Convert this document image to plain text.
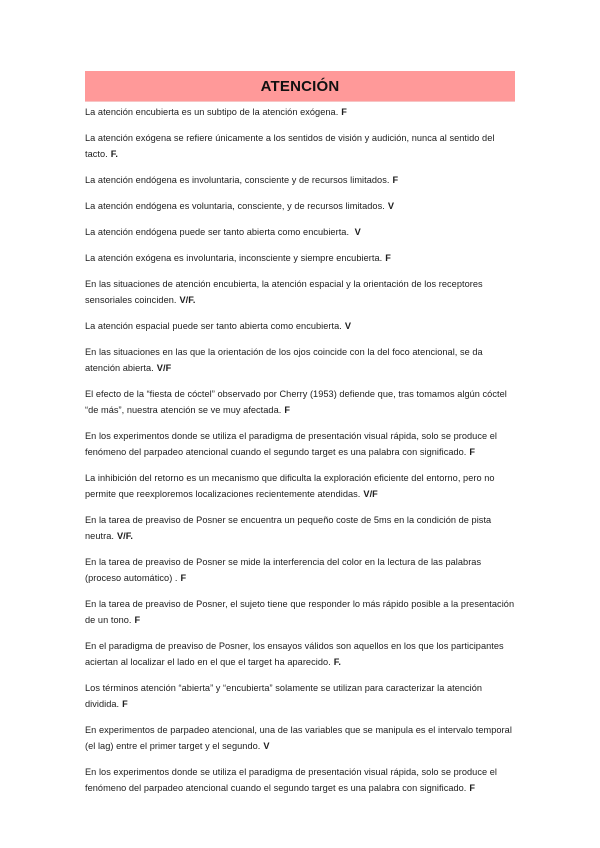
ATENCIÓN

La atención encubierta es un subtipo de la atención exógena. F

La atención exógena se refiere únicamente a los sentidos de visión y audición, nunca al sentido del tacto. F.

La atención endógena es involuntaria, consciente y de recursos limitados. F

La atención endógena es voluntaria, consciente, y de recursos limitados. V

La atención endógena puede ser tanto abierta como encubierta. V

La atención exógena es involuntaria, inconsciente y siempre encubierta. F

En las situaciones de atención encubierta, la atención espacial y la orientación de los receptores sensoriales coinciden. V/F.

La atención espacial puede ser tanto abierta como encubierta. V

En las situaciones en las que la orientación de los ojos coincide con la del foco atencional, se da atención abierta. V/F

El efecto de la “fiesta de cóctel” observado por Cherry (1953) defiende que, tras tomamos algún cóctel “de más”, nuestra atención se ve muy afectada. F

En los experimentos donde se utiliza el paradigma de presentación visual rápida, solo se produce el fenómeno del parpadeo atencional cuando el segundo target es una palabra con significado. F

La inhibición del retorno es un mecanismo que dificulta la exploración eficiente del entorno, pero no permite que reexploremos localizaciones recientemente atendidas. V/F

En la tarea de preaviso de Posner se encuentra un pequeño coste de 5ms en la condición de pista neutra. V/F.

En la tarea de preaviso de Posner se mide la interferencia del color en la lectura de las palabras (proceso automático) . F

En la tarea de preaviso de Posner, el sujeto tiene que responder lo más rápido posible a la presentación de un tono. F

En el paradigma de preaviso de Posner, los ensayos válidos son aquellos en los que los participantes aciertan al localizar el lado en el que el target ha aparecido. F.

Los términos atención “abierta” y “encubierta” solamente se utilizan para caracterizar la atención dividida. F

En experimentos de parpadeo atencional, una de las variables que se manipula es el intervalo temporal (el lag) entre el primer target y el segundo. V

En los experimentos donde se utiliza el paradigma de presentación visual rápida, solo se produce el fenómeno del parpadeo atencional cuando el segundo target es una palabra con significado. F
